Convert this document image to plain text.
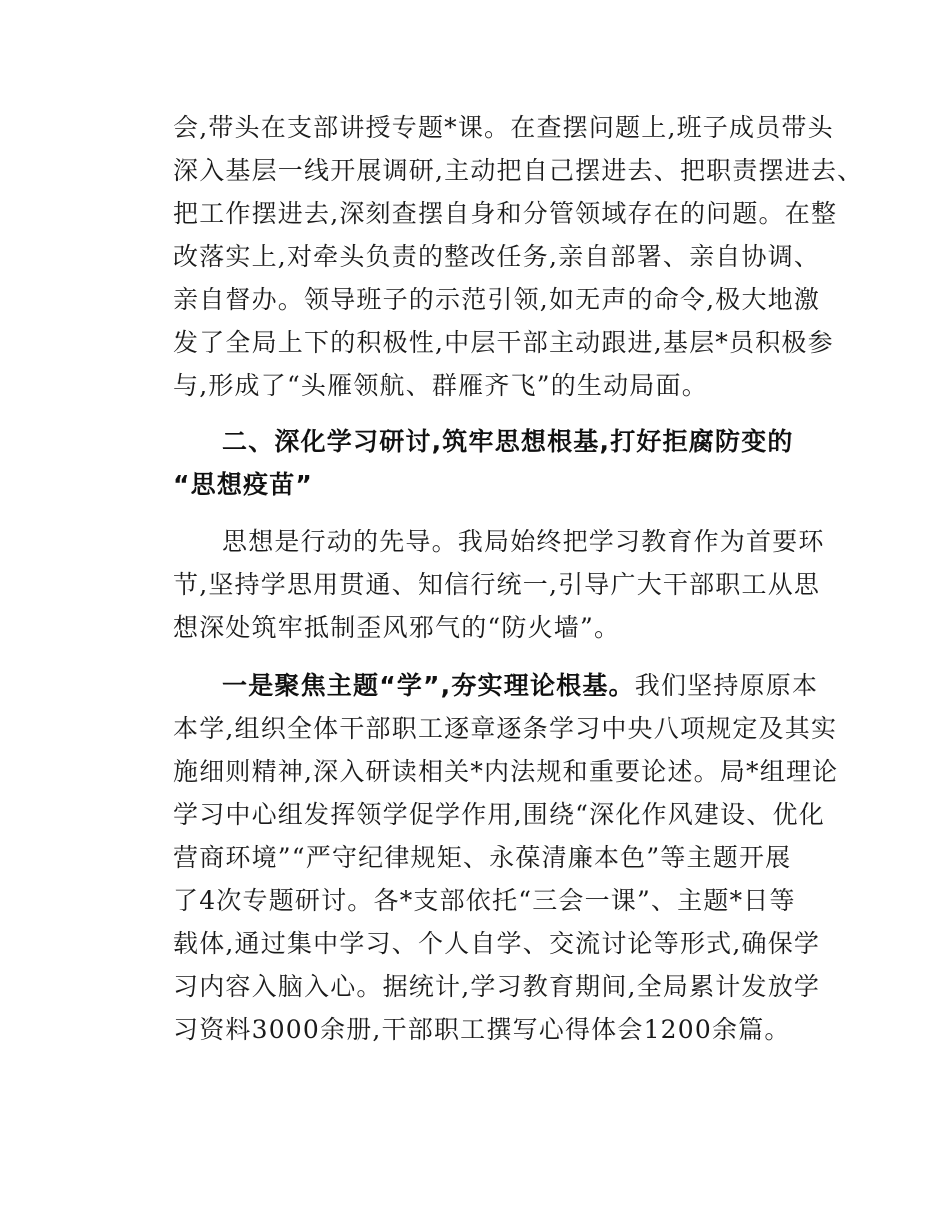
会,带头在支部讲授专题*课。在查摆问题上,班子成员带头

深入基层一线开展调研,主动把自己摆进去、把职责摆进去、

把工作摆进去,深刻查摆自身和分管领域存在的问题。在整

改落实上,对牵头负责的整改任务,亲自部署、亲自协调、

亲自督办。领导班子的示范引领,如无声的命令,极大地激

发了全局上下的积极性,中层干部主动跟进,基层*员积极参

与,形成了“头雁领航、群雁齐飞”的生动局面。

二、深化学习研讨,筑牢思想根基,打好拒腐防变的

“思想疫苗”

思想是行动的先导。我局始终把学习教育作为首要环

节,坚持学思用贯通、知信行统一,引导广大干部职工从思

想深处筑牢抵制歪风邪气的“防火墙”。

一是聚焦主题“学”,夯实理论根基。我们坚持原原本

本学,组织全体干部职工逐章逐条学习中央八项规定及其实

施细则精神,深入研读相关*内法规和重要论述。局*组理论

学习中心组发挥领学促学作用,围绕“深化作风建设、优化

营商环境”“严守纪律规矩、永葆清廉本色”等主题开展

了4次专题研讨。各*支部依托“三会一课”、主题*日等

载体,通过集中学习、个人自学、交流讨论等形式,确保学

习内容入脑入心。据统计,学习教育期间,全局累计发放学

习资料3000余册,干部职工撰写心得体会1200余篇。
